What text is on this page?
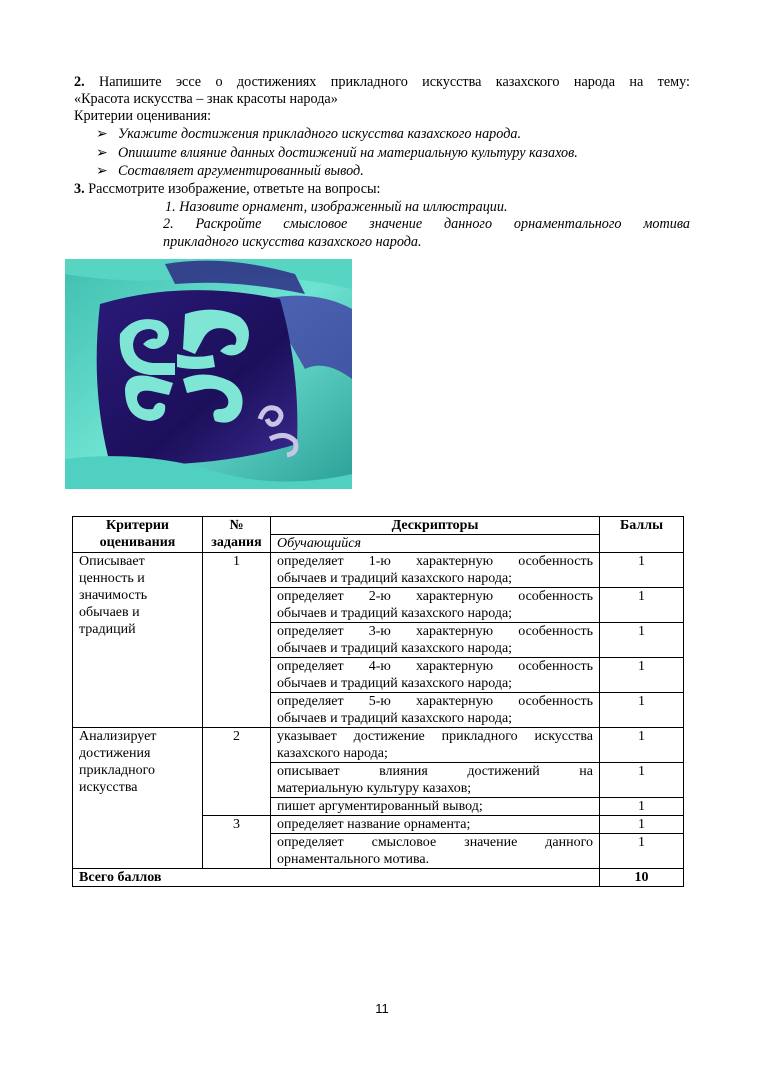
2. Напишите эссе о достижениях прикладного искусства казахского народа на тему:
«Красота искусства – знак красоты народа»
Критерии оценивания:
➢ Укажите достижения прикладного искусства казахского народа.
➢ Опишите влияние данных достижений на материальную культуру казахов.
➢ Составляет аргументированный вывод.
3. Рассмотрите изображение, ответьте на вопросы:
1. Назовите орнамент, изображенный на иллюстрации.
2. Раскройте смысловое значение данного орнаментального мотива
прикладного искусства казахского народа.
Критерии оценивания	№ задания	Дескрипторы	Баллы
		Обучающийся	
Описывает ценность и значимость обычаев и традиций	1	определяет 1-ю характерную особенность
обычаев и традиций казахского народа;	1

		определяет 2-ю характерную особенность
обычаев и традиций казахского народа;	1

		определяет 3-ю характерную особенность
обычаев и традиций казахского народа;	1

		определяет 4-ю характерную особенность
обычаев и традиций казахского народа;	1

		определяет 5-ю характерную особенность
обычаев и традиций казахского народа;	1
Анализирует достижения прикладного искусства	2	указывает достижение прикладного искусства
казахского народа;	1

		описывает влияния достижений на
материальную культуру казахов;	1
		пишет аргументированный вывод;	1
	3	определяет название орнамента;	1

		определяет смысловое значение данного
орнаментального мотива.	1
Всего баллов			10
11
